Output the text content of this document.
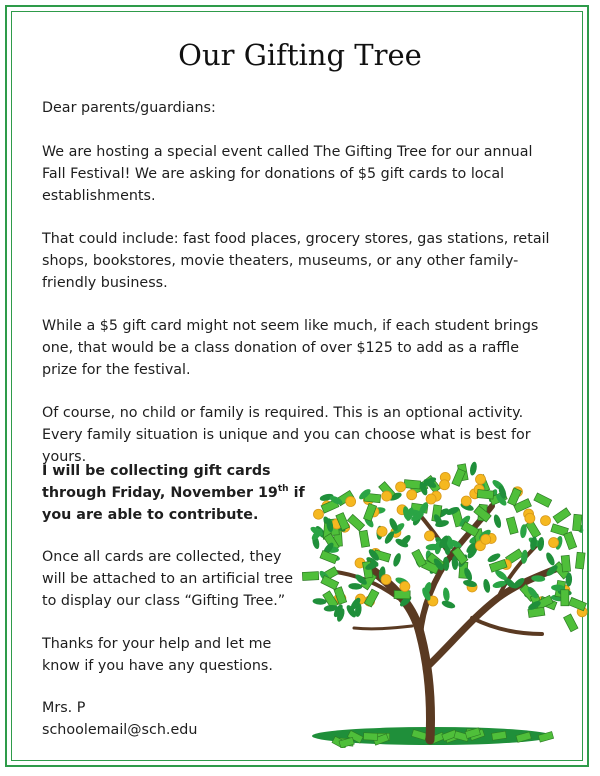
Our Gifting Tree

Dear parents/guardians:

We are hosting a special event called The Gifting Tree for our annual Fall Festival! We are asking for donations of $5 gift cards to local establishments.

That could include: fast food places, grocery stores, gas stations, retail shops, bookstores, movie theaters, museums, or any other family-friendly business.

While a $5 gift card might not seem like much, if each student brings one, that would be a class donation of over $125 to add as a raffle prize for the festival.

Of course, no child or family is required. This is an optional activity. Every family situation is unique and you can choose what is best for yours.

I will be collecting gift cards through Friday, November 19th if you are able to contribute.

Once all cards are collected, they will be attached to an artificial tree to display our class “Gifting Tree.”

Thanks for your help and let me know if you have any questions.

Mrs. P
schoolemail@sch.edu
